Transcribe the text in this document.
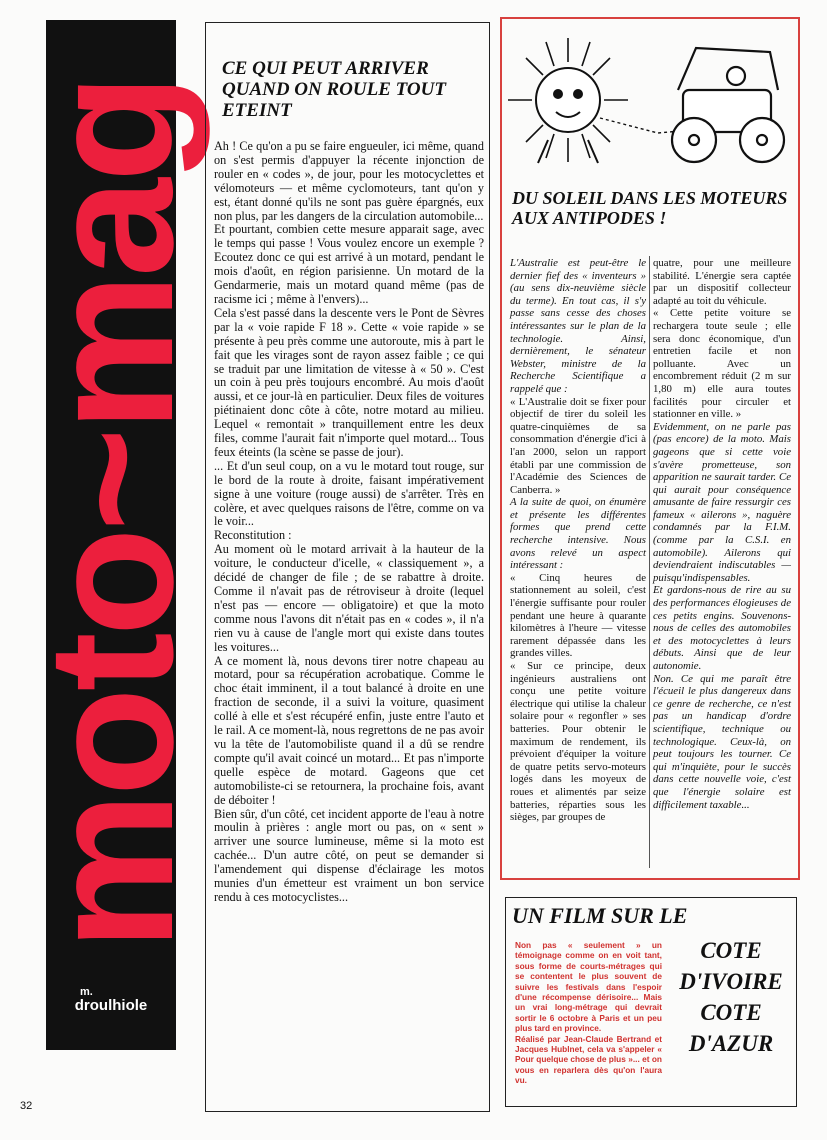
moto~mag
m.
droulhiole
32
CE QUI PEUT ARRIVER QUAND ON ROULE TOUT ETEINT

Ah ! Ce qu'on a pu se faire engueuler, ici même, quand on s'est permis d'appuyer la récente injonction de rouler en « codes », de jour, pour les motocyclettes et vélomoteurs — et même cyclomoteurs, tant qu'on y est, étant donné qu'ils ne sont pas guère épargnés, eux non plus, par les dangers de la circulation automobile...

Et pourtant, combien cette mesure apparait sage, avec le temps qui passe ! Vous voulez encore un exemple ? Ecoutez donc ce qui est arrivé à un motard, pendant le mois d'août, en région parisienne. Un motard de la Gendarmerie, mais un motard quand même (pas de racisme ici ; même à l'envers)...

Cela s'est passé dans la descente vers le Pont de Sèvres par la « voie rapide F 18 ». Cette « voie rapide » se présente à peu près comme une autoroute, mis à part le fait que les virages sont de rayon assez faible ; ce qui se traduit par une limitation de vitesse à « 50 ». C'est un coin à peu près toujours encombré. Au mois d'août aussi, et ce jour-là en particulier. Deux files de voitures piétinaient donc côte à côte, notre motard au milieu. Lequel « remontait » tranquillement entre les deux files, comme l'aurait fait n'importe quel motard... Tous feux éteints (la scène se passe de jour).

... Et d'un seul coup, on a vu le motard tout rouge, sur le bord de la route à droite, faisant impérativement signe à une voiture (rouge aussi) de s'arrêter. Très en colère, et avec quelques raisons de l'être, comme on va le voir...

Reconstitution :

Au moment où le motard arrivait à la hauteur de la voiture, le conducteur d'icelle, « classiquement », a décidé de changer de file ; de se rabattre à droite. Comme il n'avait pas de rétroviseur à droite (lequel n'est pas — encore — obligatoire) et que la moto comme nous l'avons dit n'était pas en « codes », il n'a rien vu à cause de l'angle mort qui existe dans toutes les voitures...

A ce moment là, nous devons tirer notre chapeau au motard, pour sa récupération acrobatique. Comme le choc était imminent, il a tout balancé à droite en une fraction de seconde, il a suivi la voiture, quasiment collé à elle et s'est récupéré enfin, juste entre l'auto et le rail. A ce moment-là, nous regrettons de ne pas avoir vu la tête de l'automobiliste quand il a dû se rendre compte qu'il avait coincé un motard... Et pas n'importe quelle espèce de motard. Gageons que cet automobiliste-ci se retournera, la prochaine fois, avant de déboiter !

Bien sûr, d'un côté, cet incident apporte de l'eau à notre moulin à prières : angle mort ou pas, on « sent » arriver une source lumineuse, même si la moto est cachée... D'un autre côté, on peut se demander si l'amendement qui dispense d'éclairage les motos munies d'un émetteur est vraiment un bon service rendu à ces motocyclistes...

DU SOLEIL DANS LES MOTEURS AUX ANTIPODES !

L'Australie est peut-être le dernier fief des « inventeurs » (au sens dix-neuvième siècle du terme). En tout cas, il s'y passe sans cesse des choses intéressantes sur le plan de la technologie. Ainsi, dernièrement, le sénateur Webster, ministre de la Recherche Scientifique a rappelé que :

« L'Australie doit se fixer pour objectif de tirer du soleil les quatre-cinquièmes de sa consommation d'énergie d'ici à l'an 2000, selon un rapport établi par une commission de l'Académie des Sciences de Canberra. »

A la suite de quoi, on énumère et présente les différentes formes que prend cette recherche intensive. Nous avons relevé un aspect intéressant :

« Cinq heures de stationnement au soleil, c'est l'énergie suffisante pour rouler pendant une heure à quarante kilomètres à l'heure — vitesse rarement dépassée dans les grandes villes.

« Sur ce principe, deux ingénieurs australiens ont conçu une petite voiture électrique qui utilise la chaleur solaire pour « regonfler » ses batteries. Pour obtenir le maximum de rendement, ils prévoient d'équiper la voiture de quatre petits servo-moteurs logés dans les moyeux de roues et alimentés par seize batteries, réparties sous les sièges, par groupes de

quatre, pour une meilleure stabilité. L'énergie sera captée par un dispositif collecteur adapté au toit du véhicule.

« Cette petite voiture se rechargera toute seule ; elle sera donc économique, d'un entretien facile et non polluante. Avec un encombrement réduit (2 m sur 1,80 m) elle aura toutes facilités pour circuler et stationner en ville. »

Evidemment, on ne parle pas (pas encore) de la moto. Mais gageons que si cette voie s'avère prometteuse, son apparition ne saurait tarder. Ce qui aurait pour conséquence amusante de faire ressurgir ces fameux « ailerons », naguère condamnés par la F.I.M. (comme par la C.S.I. en automobile). Ailerons qui deviendraient indiscutables — puisqu'indispensables.

Et gardons-nous de rire au su des performances élogieuses de ces petits engins. Souvenons-nous de celles des automobiles et des motocyclettes à leurs débuts. Ainsi que de leur autonomie.

Non. Ce qui me paraît être l'écueil le plus dangereux dans ce genre de recherche, ce n'est pas un handicap d'ordre scientifique, technique ou technologique. Ceux-là, on peut toujours les tourner. Ce qui m'inquiète, pour le succès dans cette nouvelle voie, c'est que l'énergie solaire est difficilement taxable...

UN FILM SUR LE

Non pas « seulement » un témoignage comme on en voit tant, sous forme de courts-métrages qui se contentent le plus souvent de suivre les festivals dans l'espoir d'une récompense dérisoire... Mais un vrai long-métrage qui devrait sortir le 6 octobre à Paris et un peu plus tard en province.

Réalisé par Jean-Claude Bertrand et Jacques Hublnet, cela va s'appeler « Pour quelque chose de plus »... et on vous en reparlera dès qu'on l'aura vu.

COTE
D'IVOIRE
COTE
D'AZUR
